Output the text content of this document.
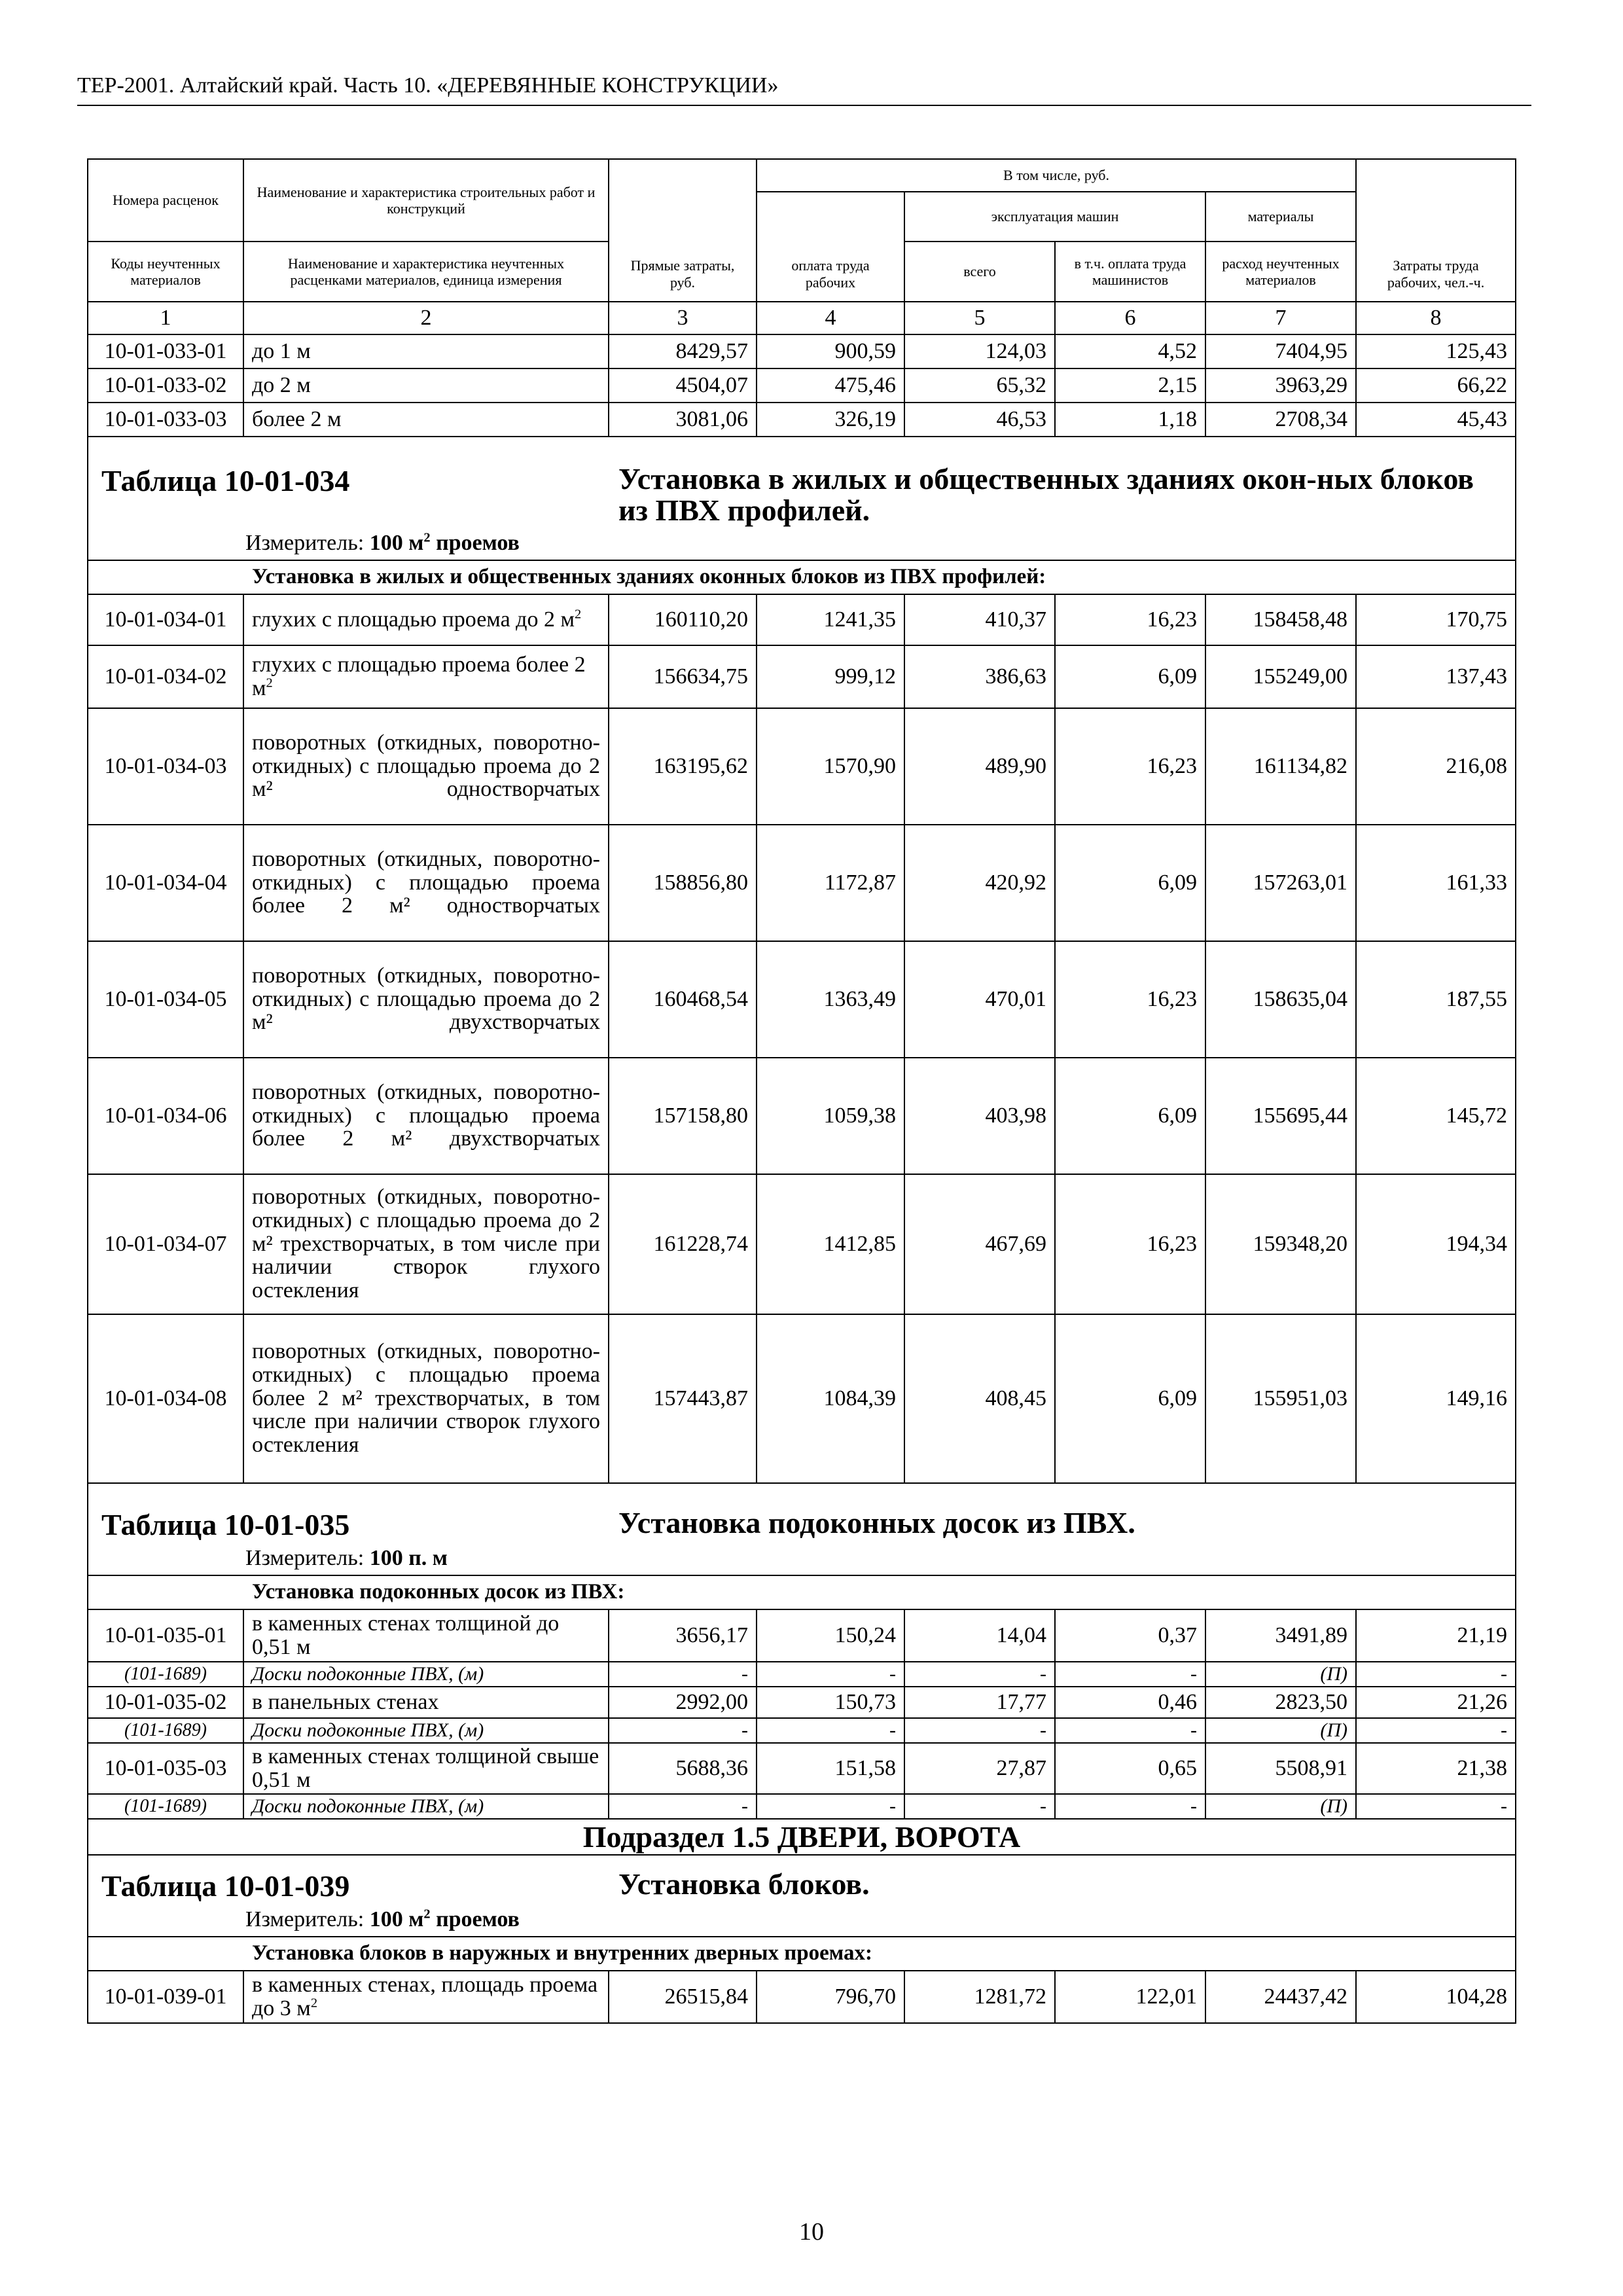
ТЕР-2001. Алтайский край. Часть 10. «ДЕРЕВЯННЫЕ КОНСТРУКЦИИ»
Номера расценок	Наименование и характеристика строительных работ и конструкций	Прямые затраты, руб.	В том числе, руб.				Затраты труда рабочих, чел.-ч.
			оплата труда рабочих	эксплуатация машин		материалы	
Коды неучтенных материалов	Наименование и характеристика неучтенных расценками материалов, единица измерения			всего	в т.ч. оплата труда машинистов	расход неучтенных материалов	

1	2	3	4	5	6	7	8
10-01-033-01	до 1 м	8429,57	900,59	124,03	4,52	7404,95	125,43
10-01-033-02	до 2 м	4504,07	475,46	65,32	2,15	3963,29	66,22
10-01-033-03	более 2 м	3081,06	326,19	46,53	1,18	2708,34	45,43

Таблица 10-01-034 Установка в жилых и общественных зданиях окон-ных блоков из ПВХ профилей.
Измеритель: 100 $м^2$ проемов							

Установка в жилых и общественных зданиях оконных блоков из ПВХ профилей:							
10-01-034-01	глухих с площадью проема до 2 $м^2$	160110,20	1241,35	410,37	16,23	158458,48	170,75
10-01-034-02	глухих с площадью проема более 2 $м^2$	156634,75	999,12	386,63	6,09	155249,00	137,43
10-01-034-03	поворотных (откидных, поворотно-откидных) с площадью проема до 2 м² одностворчатых	163195,62	1570,90	489,90	16,23	161134,82	216,08
10-01-034-04	поворотных (откидных, поворотно-откидных) с площадью проема более 2 м² одностворчатых	158856,80	1172,87	420,92	6,09	157263,01	161,33
10-01-034-05	поворотных (откидных, поворотно-откидных) с площадью проема до 2 м² двухстворчатых	160468,54	1363,49	470,01	16,23	158635,04	187,55
10-01-034-06	поворотных (откидных, поворотно-откидных) с площадью проема более 2 м² двухстворчатых	157158,80	1059,38	403,98	6,09	155695,44	145,72
10-01-034-07	поворотных (откидных, поворотно-откидных) с площадью проема до 2 м² трехстворчатых, в том числе при наличии створок глухого остекления	161228,74	1412,85	467,69	16,23	159348,20	194,34
10-01-034-08	поворотных (откидных, поворотно-откидных) с площадью проема более 2 м² трехстворчатых, в том числе при наличии створок глухого остекления	157443,87	1084,39	408,45	6,09	155951,03	149,16

Таблица 10-01-035 Установка подоконных досок из ПВХ.
Измеритель: 100 п. м							

Установка подоконных досок из ПВХ:							
10-01-035-01	в каменных стенах толщиной до 0,51 м	3656,17	150,24	14,04	0,37	3491,89	21,19
(101-1689)	Доски подоконные ПВХ, (м)	-	-	-	-	(П)	-
10-01-035-02	в панельных стенах	2992,00	150,73	17,77	0,46	2823,50	21,26
(101-1689)	Доски подоконные ПВХ, (м)	-	-	-	-	(П)	-
10-01-035-03	в каменных стенах толщиной свыше 0,51 м	5688,36	151,58	27,87	0,65	5508,91	21,38
(101-1689)	Доски подоконные ПВХ, (м)	-	-	-	-	(П)	-
Подраздел 1.5 ДВЕРИ, ВОРОТА							

Таблица 10-01-039 Установка блоков.
Измеритель: 100 $м^2$ проемов							

Установка блоков в наружных и внутренних дверных проемах:							
10-01-039-01	в каменных стенах, площадь проема до 3 $м^2$	26515,84	796,70	1281,72	122,01	24437,42	104,28
10
